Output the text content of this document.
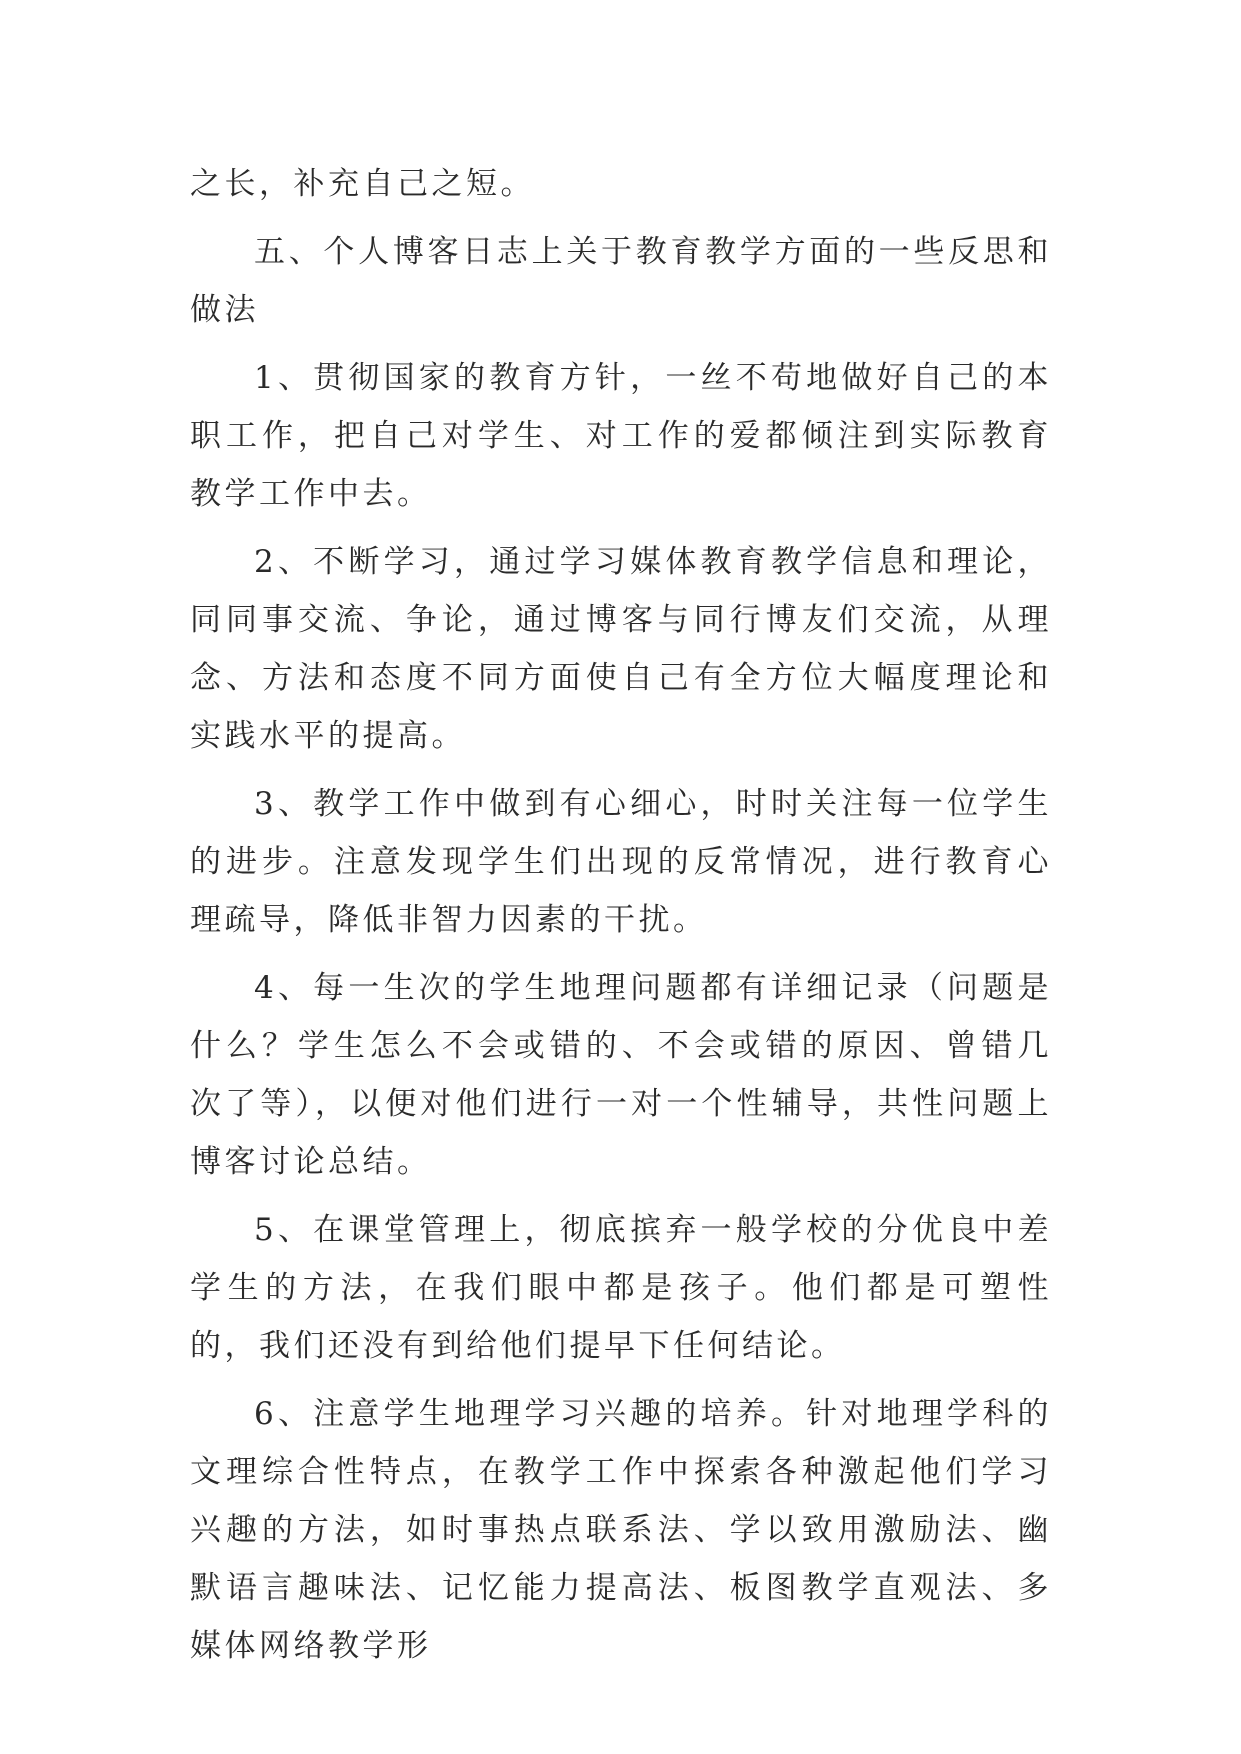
之长，补充自己之短。

五、个人博客日志上关于教育教学方面的一些反思和做法

1、贯彻国家的教育方针，一丝不苟地做好自己的本职工作，把自己对学生、对工作的爱都倾注到实际教育教学工作中去。

2、不断学习，通过学习媒体教育教学信息和理论，同同事交流、争论，通过博客与同行博友们交流，从理念、方法和态度不同方面使自己有全方位大幅度理论和实践水平的提高。

3、教学工作中做到有心细心，时时关注每一位学生的进步。注意发现学生们出现的反常情况，进行教育心理疏导，降低非智力因素的干扰。

4、每一生次的学生地理问题都有详细记录（问题是什么？学生怎么不会或错的、不会或错的原因、曾错几次了等），以便对他们进行一对一个性辅导，共性问题上博客讨论总结。

5、在课堂管理上，彻底摈弃一般学校的分优良中差学生的方法，在我们眼中都是孩子。他们都是可塑性的，我们还没有到给他们提早下任何结论。

6、注意学生地理学习兴趣的培养。针对地理学科的文理综合性特点，在教学工作中探索各种激起他们学习兴趣的方法，如时事热点联系法、学以致用激励法、幽默语言趣味法、记忆能力提高法、板图教学直观法、多媒体网络教学形
